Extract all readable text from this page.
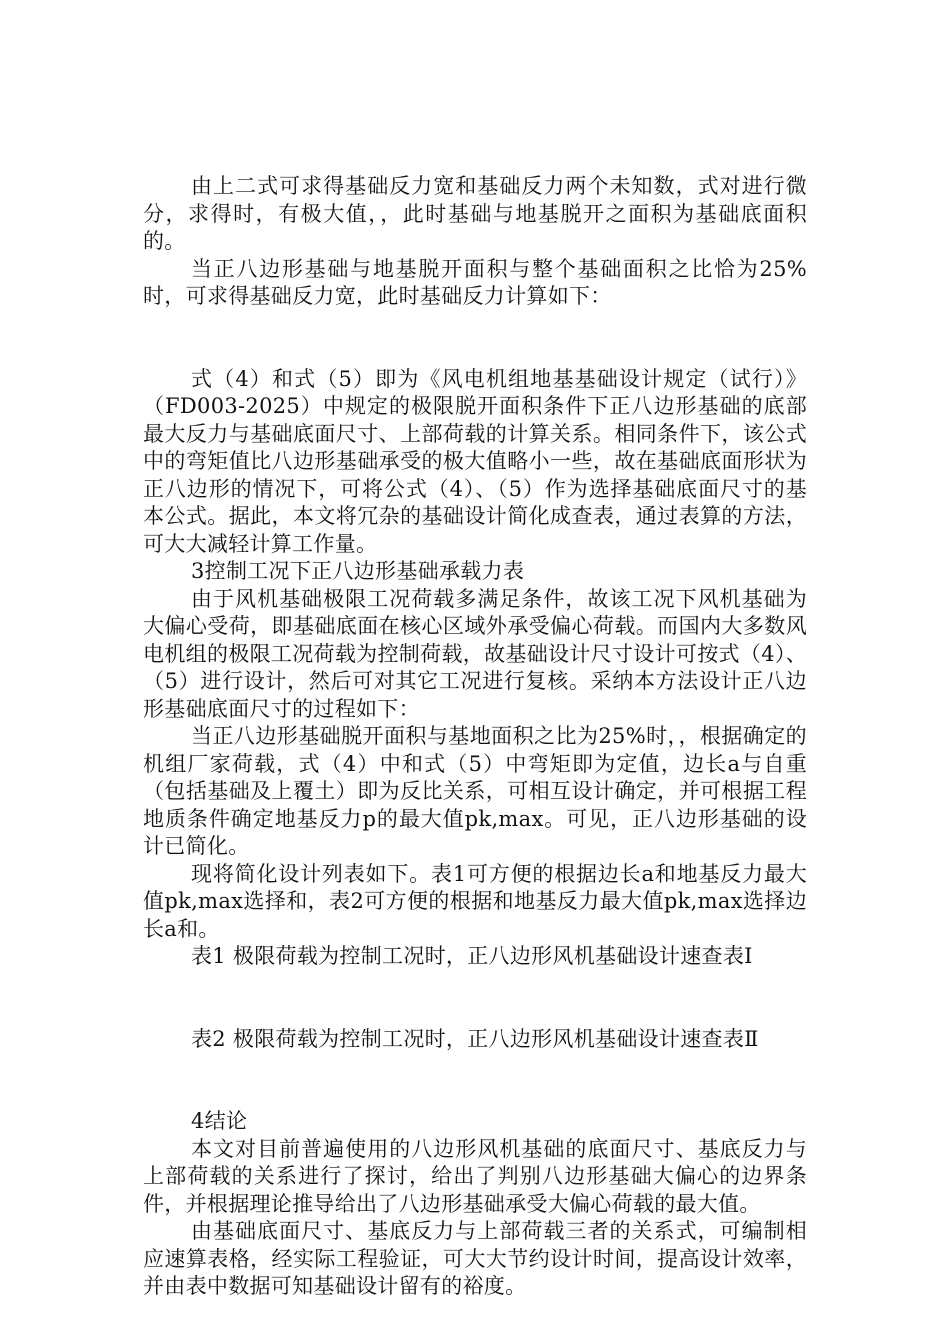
由上二式可求得基础反力宽和基础反力两个未知数，式对进行微分，求得时，有极大值，，此时基础与地基脱开之面积为基础底面积的。

当正八边形基础与地基脱开面积与整个基础面积之比恰为25%时，可求得基础反力宽，此时基础反力计算如下：

式（4）和式（5）即为《风电机组地基基础设计规定（试行）》（FD003-2025）中规定的极限脱开面积条件下正八边形基础的底部最大反力与基础底面尺寸、上部荷载的计算关系。相同条件下，该公式中的弯矩值比八边形基础承受的极大值略小一些，故在基础底面形状为正八边形的情况下，可将公式（4）、（5）作为选择基础底面尺寸的基本公式。据此，本文将冗杂的基础设计简化成查表，通过表算的方法，可大大减轻计算工作量。

3控制工况下正八边形基础承载力表

由于风机基础极限工况荷载多满足条件，故该工况下风机基础为大偏心受荷，即基础底面在核心区域外承受偏心荷载。而国内大多数风电机组的极限工况荷载为控制荷载，故基础设计尺寸设计可按式（4）、（5）进行设计，然后可对其它工况进行复核。采纳本方法设计正八边形基础底面尺寸的过程如下：

当正八边形基础脱开面积与基地面积之比为25%时，，根据确定的机组厂家荷载，式（4）中和式（5）中弯矩即为定值，边长a与自重（包括基础及上覆土）即为反比关系，可相互设计确定，并可根据工程地质条件确定地基反力p的最大值pk,max。可见，正八边形基础的设计已简化。

现将简化设计列表如下。表1可方便的根据边长a和地基反力最大值pk,max选择和，表2可方便的根据和地基反力最大值pk,max选择边长a和。

表1 极限荷载为控制工况时，正八边形风机基础设计速查表Ⅰ

表2 极限荷载为控制工况时，正八边形风机基础设计速查表Ⅱ

4结论

本文对目前普遍使用的八边形风机基础的底面尺寸、基底反力与上部荷载的关系进行了探讨，给出了判别八边形基础大偏心的边界条件，并根据理论推导给出了八边形基础承受大偏心荷载的最大值。

由基础底面尺寸、基底反力与上部荷载三者的关系式，可编制相应速算表格，经实际工程验证，可大大节约设计时间，提高设计效率，并由表中数据可知基础设计留有的裕度。
